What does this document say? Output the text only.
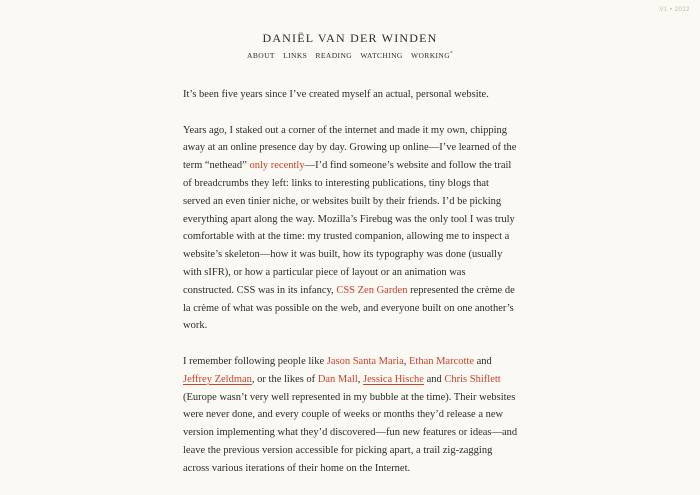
V1 • 2022
DANIËL VAN DER WINDEN
ABOUT LINKS READING WATCHING WORKING*

It’s been five years since I’ve created myself an actual, personal website.

Years ago, I staked out a corner of the internet and made it my own, chipping away at an online presence day by day. Growing up online—I’ve learned of the term “nethead” only recently—I’d find someone’s website and follow the trail of breadcrumbs they left: links to interesting publications, tiny blogs that served an even tinier niche, or websites built by their friends. I’d be picking everything apart along the way. Mozilla’s Firebug was the only tool I was truly comfortable with at the time: my trusted companion, allowing me to inspect a website’s skeleton—how it was built, how its typography was done (usually with sIFR), or how a particular piece of layout or an animation was constructed. CSS was in its infancy, CSS Zen Garden represented the crème de la crème of what was possible on the web, and everyone built on one another’s work.

I remember following people like Jason Santa Maria, Ethan Marcotte and Jeffrey Zeldman, or the likes of Dan Mall, Jessica Hische and Chris Shiflett (Europe wasn’t very well represented in my bubble at the time). Their websites were never done, and every couple of weeks or months they’d release a new version implementing what they’d discovered—fun new features or ideas—and leave the previous version accessible for picking apart, a trail zig-zagging across various iterations of their home on the Internet.
